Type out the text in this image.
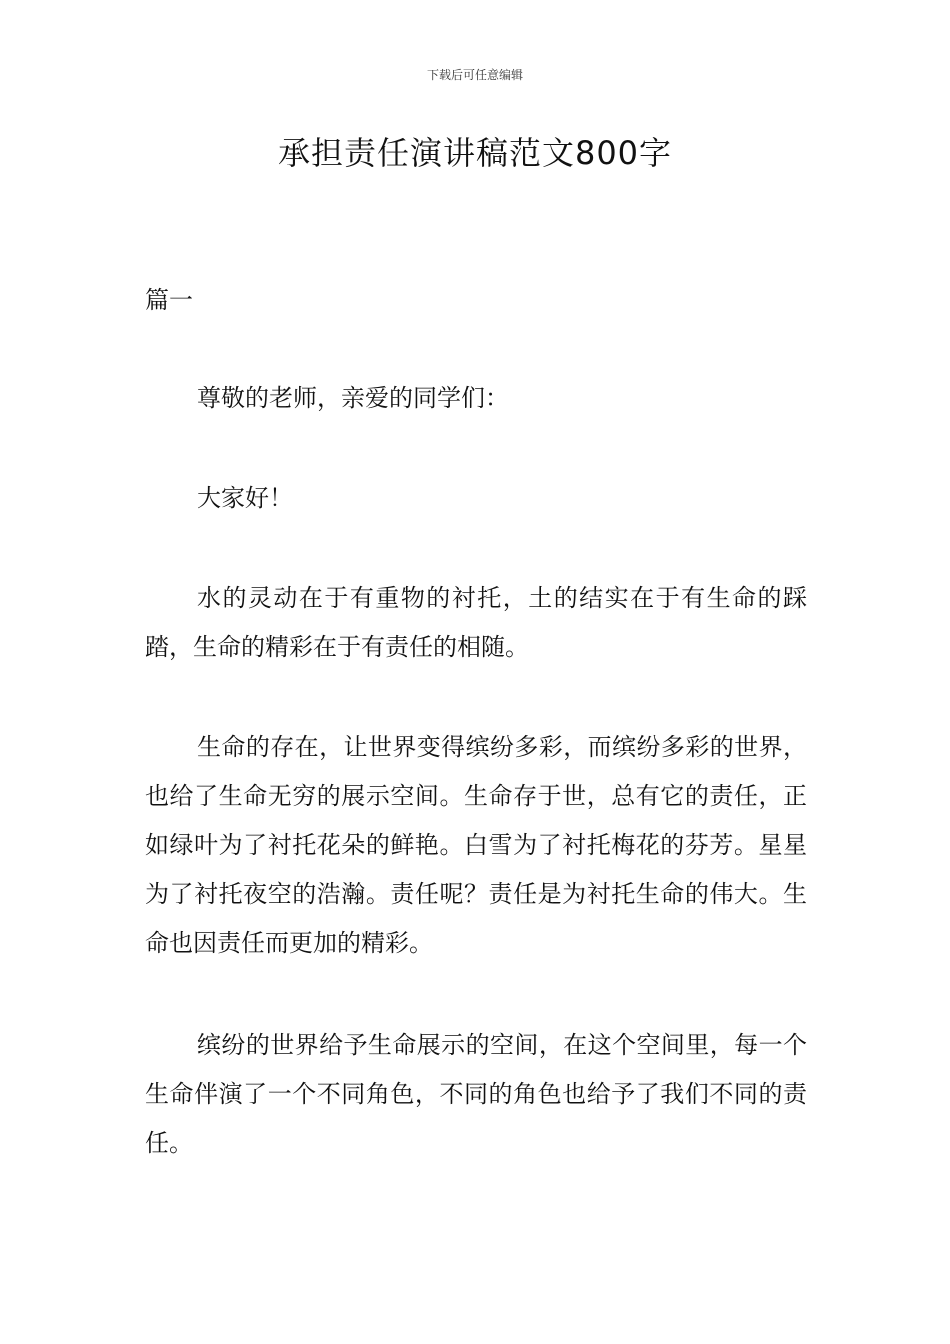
下载后可任意编辑
承担责任演讲稿范文800字

篇一

尊敬的老师，亲爱的同学们：

大家好！

水的灵动在于有重物的衬托，土的结实在于有生命的踩踏，生命的精彩在于有责任的相随。

生命的存在，让世界变得缤纷多彩，而缤纷多彩的世界，也给了生命无穷的展示空间。生命存于世，总有它的责任，正如绿叶为了衬托花朵的鲜艳。白雪为了衬托梅花的芬芳。星星为了衬托夜空的浩瀚。责任呢？责任是为衬托生命的伟大。生命也因责任而更加的精彩。

缤纷的世界给予生命展示的空间，在这个空间里，每一个生命伴演了一个不同角色，不同的角色也给予了我们不同的责任。
